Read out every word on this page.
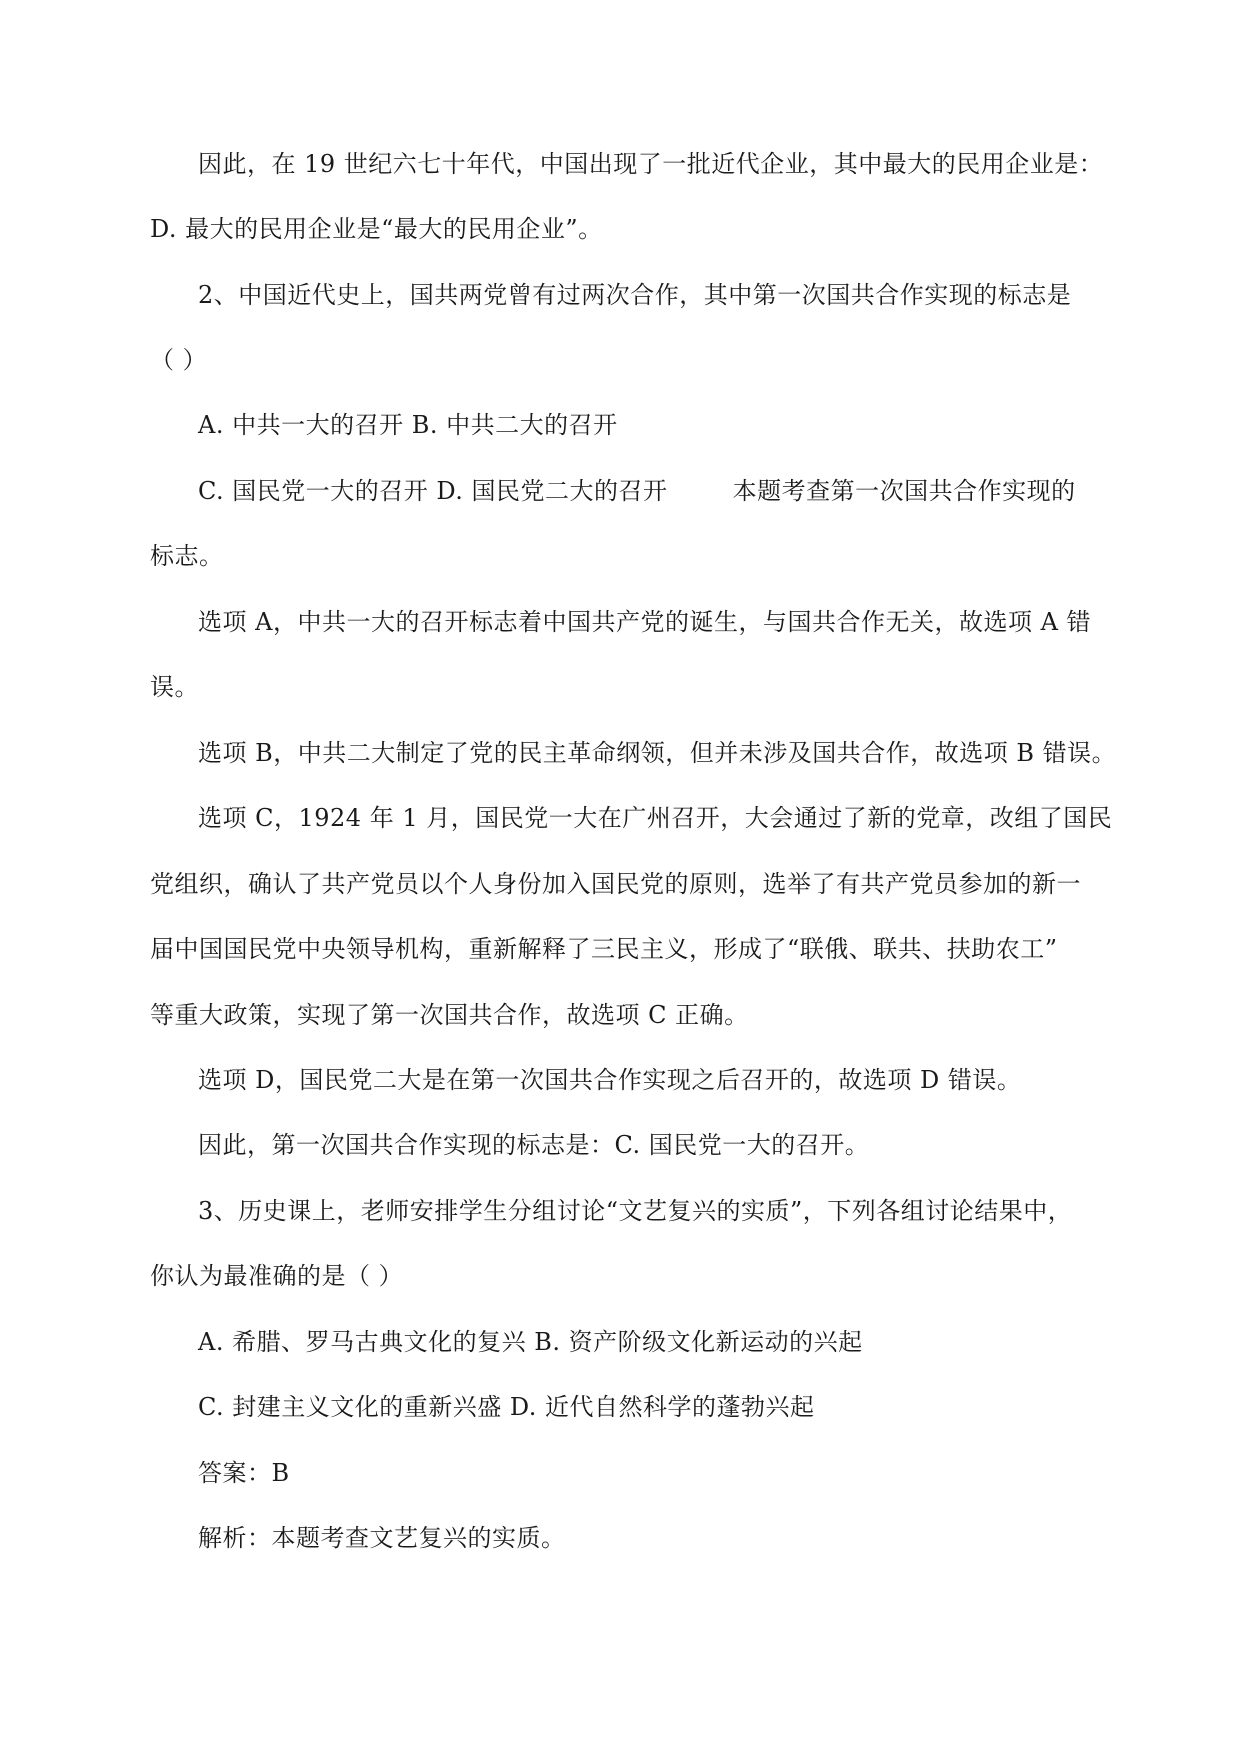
因此，在 19 世纪六七十年代，中国出现了一批近代企业，其中最大的民用企业是：
D. 最大的民用企业是“最大的民用企业”。
2、中国近代史上，国共两党曾有过两次合作，其中第一次国共合作实现的标志是
（ ）
A. 中共一大的召开 B. 中共二大的召开
C. 国民党一大的召开 D. 国民党二大的召开        本题考查第一次国共合作实现的
标志。
选项 A，中共一大的召开标志着中国共产党的诞生，与国共合作无关，故选项 A 错
误。
选项 B，中共二大制定了党的民主革命纲领，但并未涉及国共合作，故选项 B 错误。
选项 C，1924 年 1 月，国民党一大在广州召开，大会通过了新的党章，改组了国民
党组织，确认了共产党员以个人身份加入国民党的原则，选举了有共产党员参加的新一
届中国国民党中央领导机构，重新解释了三民主义，形成了“联俄、联共、扶助农工”
等重大政策，实现了第一次国共合作，故选项 C 正确。
选项 D，国民党二大是在第一次国共合作实现之后召开的，故选项 D 错误。
因此，第一次国共合作实现的标志是：C. 国民党一大的召开。
3、历史课上，老师安排学生分组讨论“文艺复兴的实质”，下列各组讨论结果中，
你认为最准确的是（ ）
A. 希腊、罗马古典文化的复兴 B. 资产阶级文化新运动的兴起
C. 封建主义文化的重新兴盛 D. 近代自然科学的蓬勃兴起
答案：B
解析：本题考查文艺复兴的实质。
